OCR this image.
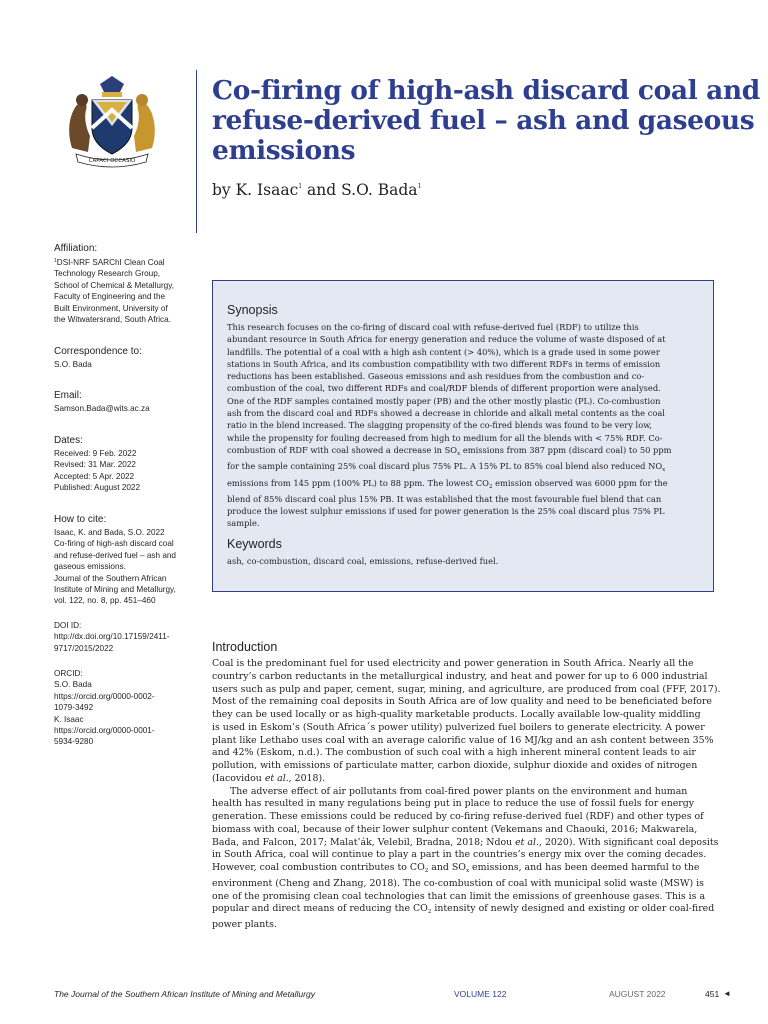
CAPACI OCCASIO
Co-firing of high-ash discard coal and
refuse-derived fuel – ash and gaseous
emissions
by K. Isaac$^1$ and S.O. Bada$^1$
Affiliation:
$^1$DSI-NRF SARChI Clean Coal
Technology Research Group,
School of Chemical & Metallurgy,
Faculty of Engineering and the
Built Environment, University of
the Witwatersrand, South Africa.
Correspondence to:
S.O. Bada
Email:
Samson.Bada@wits.ac.za
Dates:
Received: 9 Feb. 2022
Revised: 31 Mar. 2022
Accepted: 5 Apr. 2022
Published: August 2022
How to cite:
Isaac, K. and Bada, S.O. 2022
Co-firing of high-ash discard coal
and refuse-derived fuel – ash and
gaseous emissions.
Journal of the Southern African
Institute of Mining and Metallurgy,
vol. 122, no. 8, pp. 451–460
DOI ID:
http://dx.doi.org/10.17159/2411-
9717/2015/2022
ORCID:
S.O. Bada
https://orcid.org/0000-0002-
1079-3492
K. Isaac
https://orcid.org/0000-0001-
5934-9280
Synopsis
This research focuses on the co-firing of discard coal with refuse-derived fuel (RDF) to utilize this
abundant resource in South Africa for energy generation and reduce the volume of waste disposed of at
landfills. The potential of a coal with a high ash content (> 40%), which is a grade used in some power
stations in South Africa, and its combustion compatibility with two different RDFs in terms of emission
reductions has been established. Gaseous emissions and ash residues from the combustion and co-
combustion of the coal, two different RDFs and coal/RDF blends of different proportion were analysed.
One of the RDF samples contained mostly paper (PB) and the other mostly plastic (PL). Co-combustion
ash from the discard coal and RDFs showed a decrease in chloride and alkali metal contents as the coal
ratio in the blend increased. The slagging propensity of the co-fired blends was found to be very low,
while the propensity for fouling decreased from high to medium for all the blends with < 75% RDF. Co-
combustion of RDF with coal showed a decrease in $SO_x$ emissions from 387 ppm (discard coal) to 50 ppm
for the sample containing 25% coal discard plus 75% PL. A 15% PL to 85% coal blend also reduced $NO_x$
emissions from 145 ppm (100% PL) to 88 ppm. The lowest $CO_2$ emission observed was 6000 ppm for the
blend of 85% discard coal plus 15% PB. It was established that the most favourable fuel blend that can
produce the lowest sulphur emissions if used for power generation is the 25% coal discard plus 75% PL
sample.
Keywords
ash, co-combustion, discard coal, emissions, refuse-derived fuel.
Introduction
Coal is the predominant fuel for used electricity and power generation in South Africa. Nearly all the
country’s carbon reductants in the metallurgical industry, and heat and power for up to 6 000 industrial
users such as pulp and paper, cement, sugar, mining, and agriculture, are produced from coal (FFF, 2017).
Most of the remaining coal deposits in South Africa are of low quality and need to be beneficiated before
they can be used locally or as high-quality marketable products. Locally available low-quality middling
is used in Eskom’s (South Africa´s power utility) pulverized fuel boilers to generate electricity. A power
plant like Lethabo uses coal with an average calorific value of 16 MJ/kg and an ash content between 35%
and 42% (Eskom, n.d.). The combustion of such coal with a high inherent mineral content leads to air
pollution, with emissions of particulate matter, carbon dioxide, sulphur dioxide and oxides of nitrogen
(Iacovidou et al., 2018).
The adverse effect of air pollutants from coal-fired power plants on the environment and human
health has resulted in many regulations being put in place to reduce the use of fossil fuels for energy
generation. These emissions could be reduced by co-firing refuse-derived fuel (RDF) and other types of
biomass with coal, because of their lower sulphur content (Vekemans and Chaouki, 2016; Makwarela,
Bada, and Falcon, 2017; Malat’ák, Velebil, Bradna, 2018; Ndou et al., 2020). With significant coal deposits
in South Africa, coal will continue to play a part in the countries’s energy mix over the coming decades.
However, coal combustion contributes to $CO_2$ and $SO_x$ emissions, and has been deemed harmful to the
environment (Cheng and Zhang, 2018). The co-combustion of coal with municipal solid waste (MSW) is
one of the promising clean coal technologies that can limit the emissions of greenhouse gases. This is a
popular and direct means of reducing the $CO_2$ intensity of newly designed and existing or older coal-fired
power plants.
The Journal of the Southern African Institute of Mining and Metallurgy	VOLUME 122	AUGUST 2022	451 ◄
